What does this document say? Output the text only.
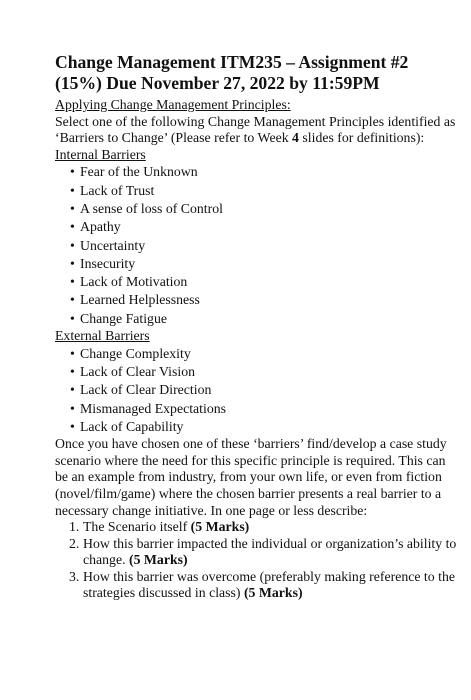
Change Management ITM235 – Assignment #2
(15%) Due November 27, 2022 by 11:59PM
Applying Change Management Principles:
Select one of the following Change Management Principles identified as ‘Barriers to Change’ (Please refer to Week 4 slides for definitions):
Internal Barriers
• Fear of the Unknown
• Lack of Trust
• A sense of loss of Control
• Apathy
• Uncertainty
• Insecurity
• Lack of Motivation
• Learned Helplessness
• Change Fatigue
External Barriers
• Change Complexity
• Lack of Clear Vision
• Lack of Clear Direction
• Mismanaged Expectations
• Lack of Capability
Once you have chosen one of these ‘barriers’ find/develop a case study scenario where the need for this specific principle is required. This can be an example from industry, from your own life, or even from fiction (novel/film/game) where the chosen barrier presents a real barrier to a necessary change initiative. In one page or less describe:
1. The Scenario itself (5 Marks)
2. How this barrier impacted the individual or organization’s ability to change. (5 Marks)
3. How this barrier was overcome (preferably making reference to the strategies discussed in class) (5 Marks)
